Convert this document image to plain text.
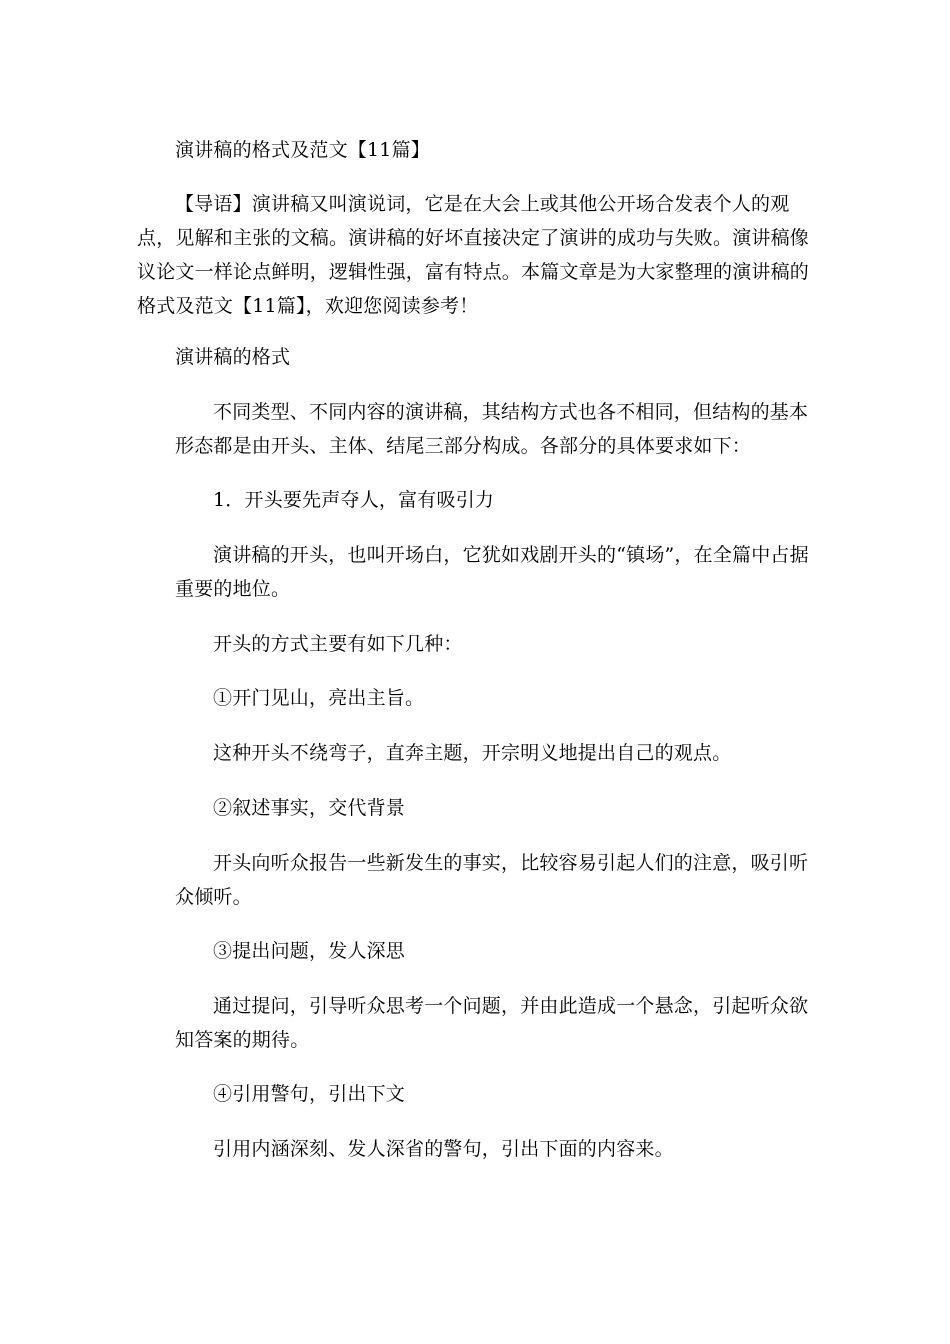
演讲稿的格式及范文【11篇】

【导语】演讲稿又叫演说词，它是在大会上或其他公开场合发表个人的观点，见解和主张的文稿。演讲稿的好坏直接决定了演讲的成功与失败。演讲稿像议论文一样论点鲜明，逻辑性强，富有特点。本篇文章是为大家整理的演讲稿的格式及范文【11篇】，欢迎您阅读参考！

演讲稿的格式

不同类型、不同内容的演讲稿，其结构方式也各不相同，但结构的基本形态都是由开头、主体、结尾三部分构成。各部分的具体要求如下：

1．开头要先声夺人，富有吸引力

演讲稿的开头，也叫开场白，它犹如戏剧开头的“镇场”，在全篇中占据重要的地位。

开头的方式主要有如下几种：

①开门见山，亮出主旨。

这种开头不绕弯子，直奔主题，开宗明义地提出自己的观点。

②叙述事实，交代背景

开头向听众报告一些新发生的事实，比较容易引起人们的注意，吸引听众倾听。

③提出问题，发人深思

通过提问，引导听众思考一个问题，并由此造成一个悬念，引起听众欲知答案的期待。

④引用警句，引出下文

引用内涵深刻、发人深省的警句，引出下面的内容来。
